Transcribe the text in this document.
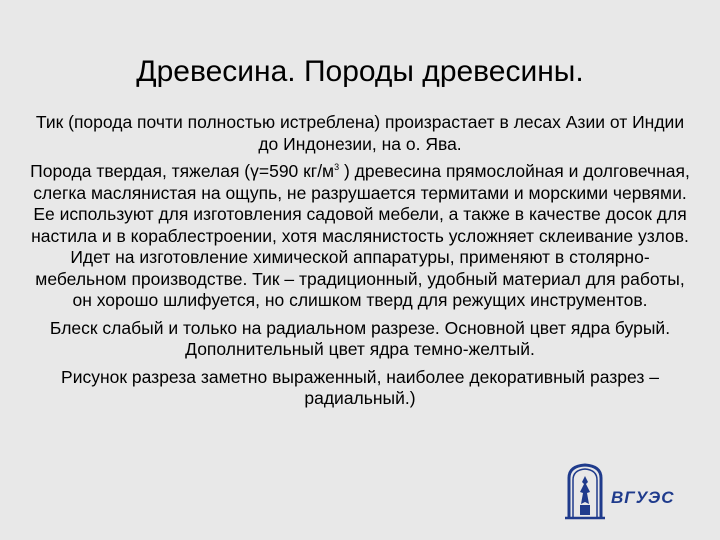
Древесина. Породы древесины.

Тик (порода почти полностью истреблена) произрастает в лесах Азии от Индии до Индонезии, на о. Ява.

Порода твердая, тяжелая (γ=590 $кг/м^3$ ) древесина прямослойная и долговечная, слегка маслянистая на ощупь, не разрушается термитами и морскими червями. Ее используют для изготовления садовой мебели, а также в качестве досок для настила и в кораблестроении, хотя маслянистость усложняет склеивание узлов. Идет на изготовление химической аппаратуры, применяют в столярно-мебельном производстве. Тик – традиционный, удобный материал для работы, он хорошо шлифуется, но слишком тверд для режущих инструментов.

Блеск слабый и только на радиальном разрезе. Основной цвет ядра бурый. Дополнительный цвет ядра темно-желтый.

Рисунок разреза заметно выраженный, наиболее декоративный разрез – радиальный.)

ВГУЭС
